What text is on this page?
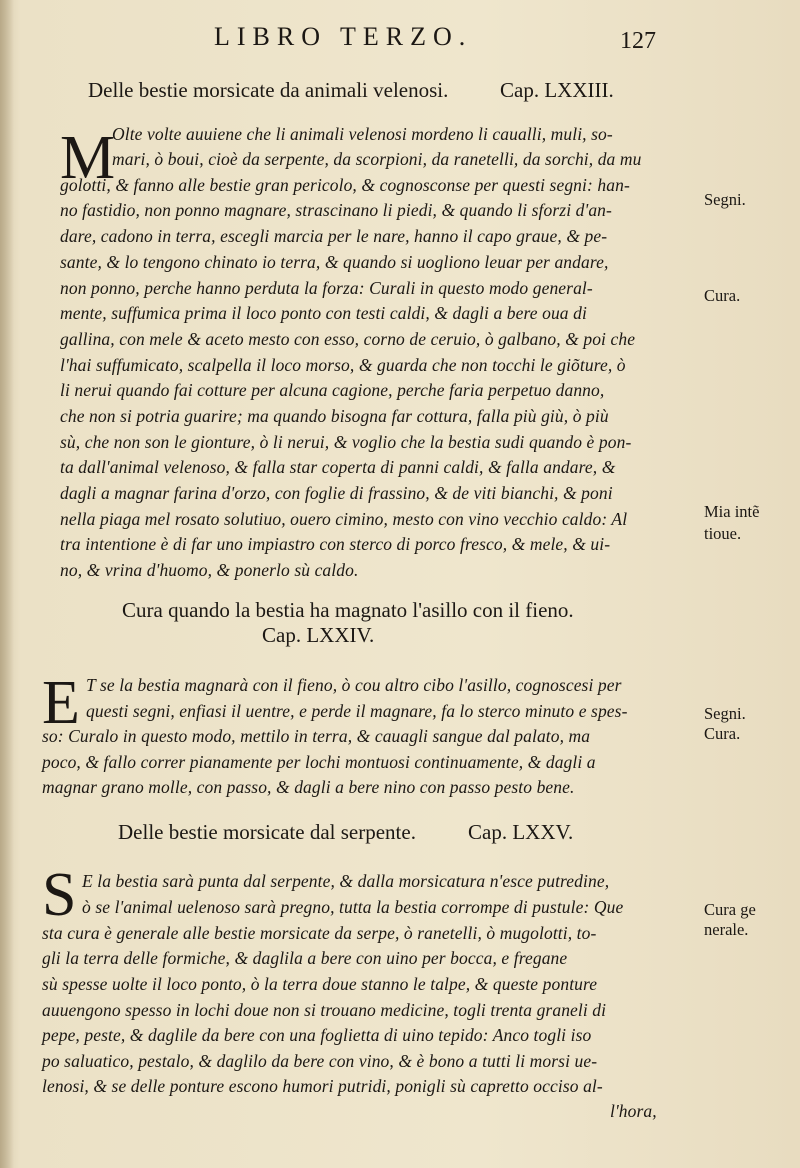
LIBRO TERZO.	127
Delle bestie morsicate da animali velenosi. Cap. LXXIII.
M
Olte volte auuiene che li animali velenosi mordeno li caualli, muli, so-
mari, ò boui, cioè da serpente, da scorpioni, da ranetelli, da sorchi, da mu
golotti, & fanno alle bestie gran pericolo, & cognosconse per questi segni: han-
no fastidio, non ponno magnare, strascinano li piedi, & quando li sforzi d'an-
dare, cadono in terra, escegli marcia per le nare, hanno il capo graue, & pe-
sante, & lo tengono chinato io terra, & quando si uogliono leuar per andare,
non ponno, perche hanno perduta la forza: Curali in questo modo general-
mente, suffumica prima il loco ponto con testi caldi, & dagli a bere oua di
gallina, con mele & aceto mesto con esso, corno de ceruio, ò galbano, & poi che
l'hai suffumicato, scalpella il loco morso, & guarda che non tocchi le giõture, ò
li nerui quando fai cotture per alcuna cagione, perche faria perpetuo danno,
che non si potria guarire; ma quando bisogna far cottura, falla più giù, ò più
sù, che non son le gionture, ò li nerui, & voglio che la bestia sudi quando è pon-
ta dall'animal velenoso, & falla star coperta di panni caldi, & falla andare, &
dagli a magnar farina d'orzo, con foglie di frassino, & de viti bianchi, & poni
nella piaga mel rosato solutiuo, ouero cimino, mesto con vino vecchio caldo: Al
tra intentione è di far uno impiastro con sterco di porco fresco, & mele, & ui-
no, & vrina d'huomo, & ponerlo sù caldo.
Segni.
Cura.
Mia intẽ
tioue.
Cura quando la bestia ha magnato l'asillo con il fieno.
Cap. LXXIV.
E T se la bestia magnarà con il fieno, ò cou altro cibo l'asillo, cognoscesi per
questi segni, enfiasi il uentre, e perde il magnare, fa lo sterco minuto e spes-
so: Curalo in questo modo, mettilo in terra, & cauagli sangue dal palato, ma
poco, & fallo correr pianamente per lochi montuosi continuamente, & dagli a
magnar grano molle, con passo, & dagli a bere nino con passo pesto bene.
Segni.
Cura.
Delle bestie morsicate dal serpente. Cap. LXXV.
S E la bestia sarà punta dal serpente, & dalla morsicatura n'esce putredine,
ò se l'animal uelenoso sarà pregno, tutta la bestia corrompe di pustule: Que
sta cura è generale alle bestie morsicate da serpe, ò ranetelli, ò mugolotti, to-
gli la terra delle formiche, & daglila a bere con uino per bocca, e fregane
sù spesse uolte il loco ponto, ò la terra doue stanno le talpe, & queste ponture
auuengono spesso in lochi doue non si trouano medicine, togli trenta graneli di
pepe, peste, & daglile da bere con una foglietta di uino tepido: Anco togli iso
po saluatico, pestalo, & daglilo da bere con vino, & è bono a tutti li morsi ue-
lenosi, & se delle ponture escono humori putridi, ponigli sù capretto occiso al-
l'hora,
Cura ge
nerale.
